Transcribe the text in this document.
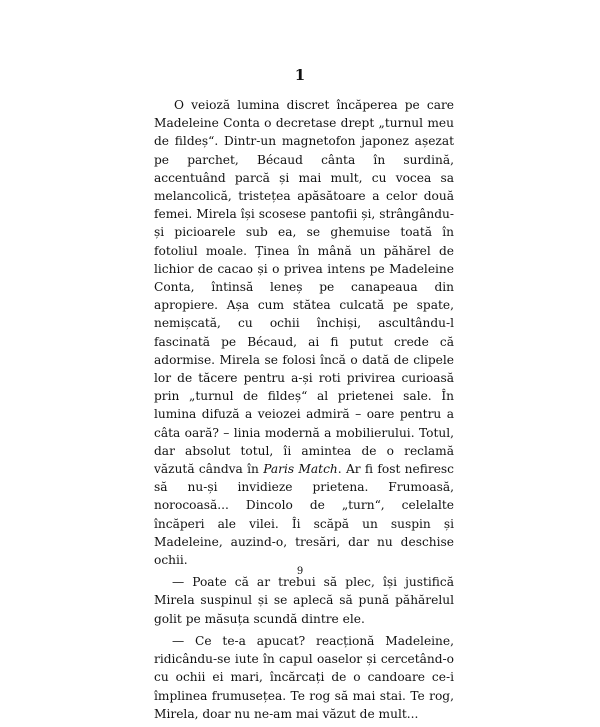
1

O veioză lumina discret încăperea pe care Madeleine Conta o decretase drept „turnul meu de fildeș“. Dintr-un magnetofon japonez așezat pe parchet, Bécaud cânta în surdină, accentuând parcă și mai mult, cu vocea sa melancolică, tristețea apăsătoare a celor două femei. Mirela își scosese pantofii și, strângându-și picioarele sub ea, se ghemuise toată în fotoliul moale. Ținea în mână un păhărel de lichior de cacao și o privea intens pe Madeleine Conta, întinsă leneș pe canapeaua din apropiere. Așa cum stătea culcată pe spate, nemișcată, cu ochii închiși, ascultându-l fascinată pe Bécaud, ai fi putut crede că adormise. Mirela se folosi încă o dată de clipele lor de tăcere pentru a-și roti privirea curioasă prin „turnul de fildeș“ al prietenei sale. În lumina difuză a veiozei admiră – oare pentru a câta oară? – linia modernă a mobilierului. Totul, dar absolut totul, îi amintea de o reclamă văzută cândva în Paris Match. Ar fi fost nefiresc să nu-și invidieze prietena. Frumoasă, norocoasă... Dincolo de „turn“, celelalte încăperi ale vilei. Îi scăpă un suspin și Madeleine, auzind-o, tresări, dar nu deschise ochii.

— Poate că ar trebui să plec, își justifică Mirela suspinul și se aplecă să pună păhărelul golit pe măsuța scundă dintre ele.

— Ce te-a apucat? reacționă Madeleine, ridicându-se iute în capul oaselor și cercetând-o cu ochii ei mari, încărcați de o candoare ce-i împlinea frumusețea. Te rog să mai stai. Te rog, Mirela, doar nu ne-am mai văzut de mult...

9
